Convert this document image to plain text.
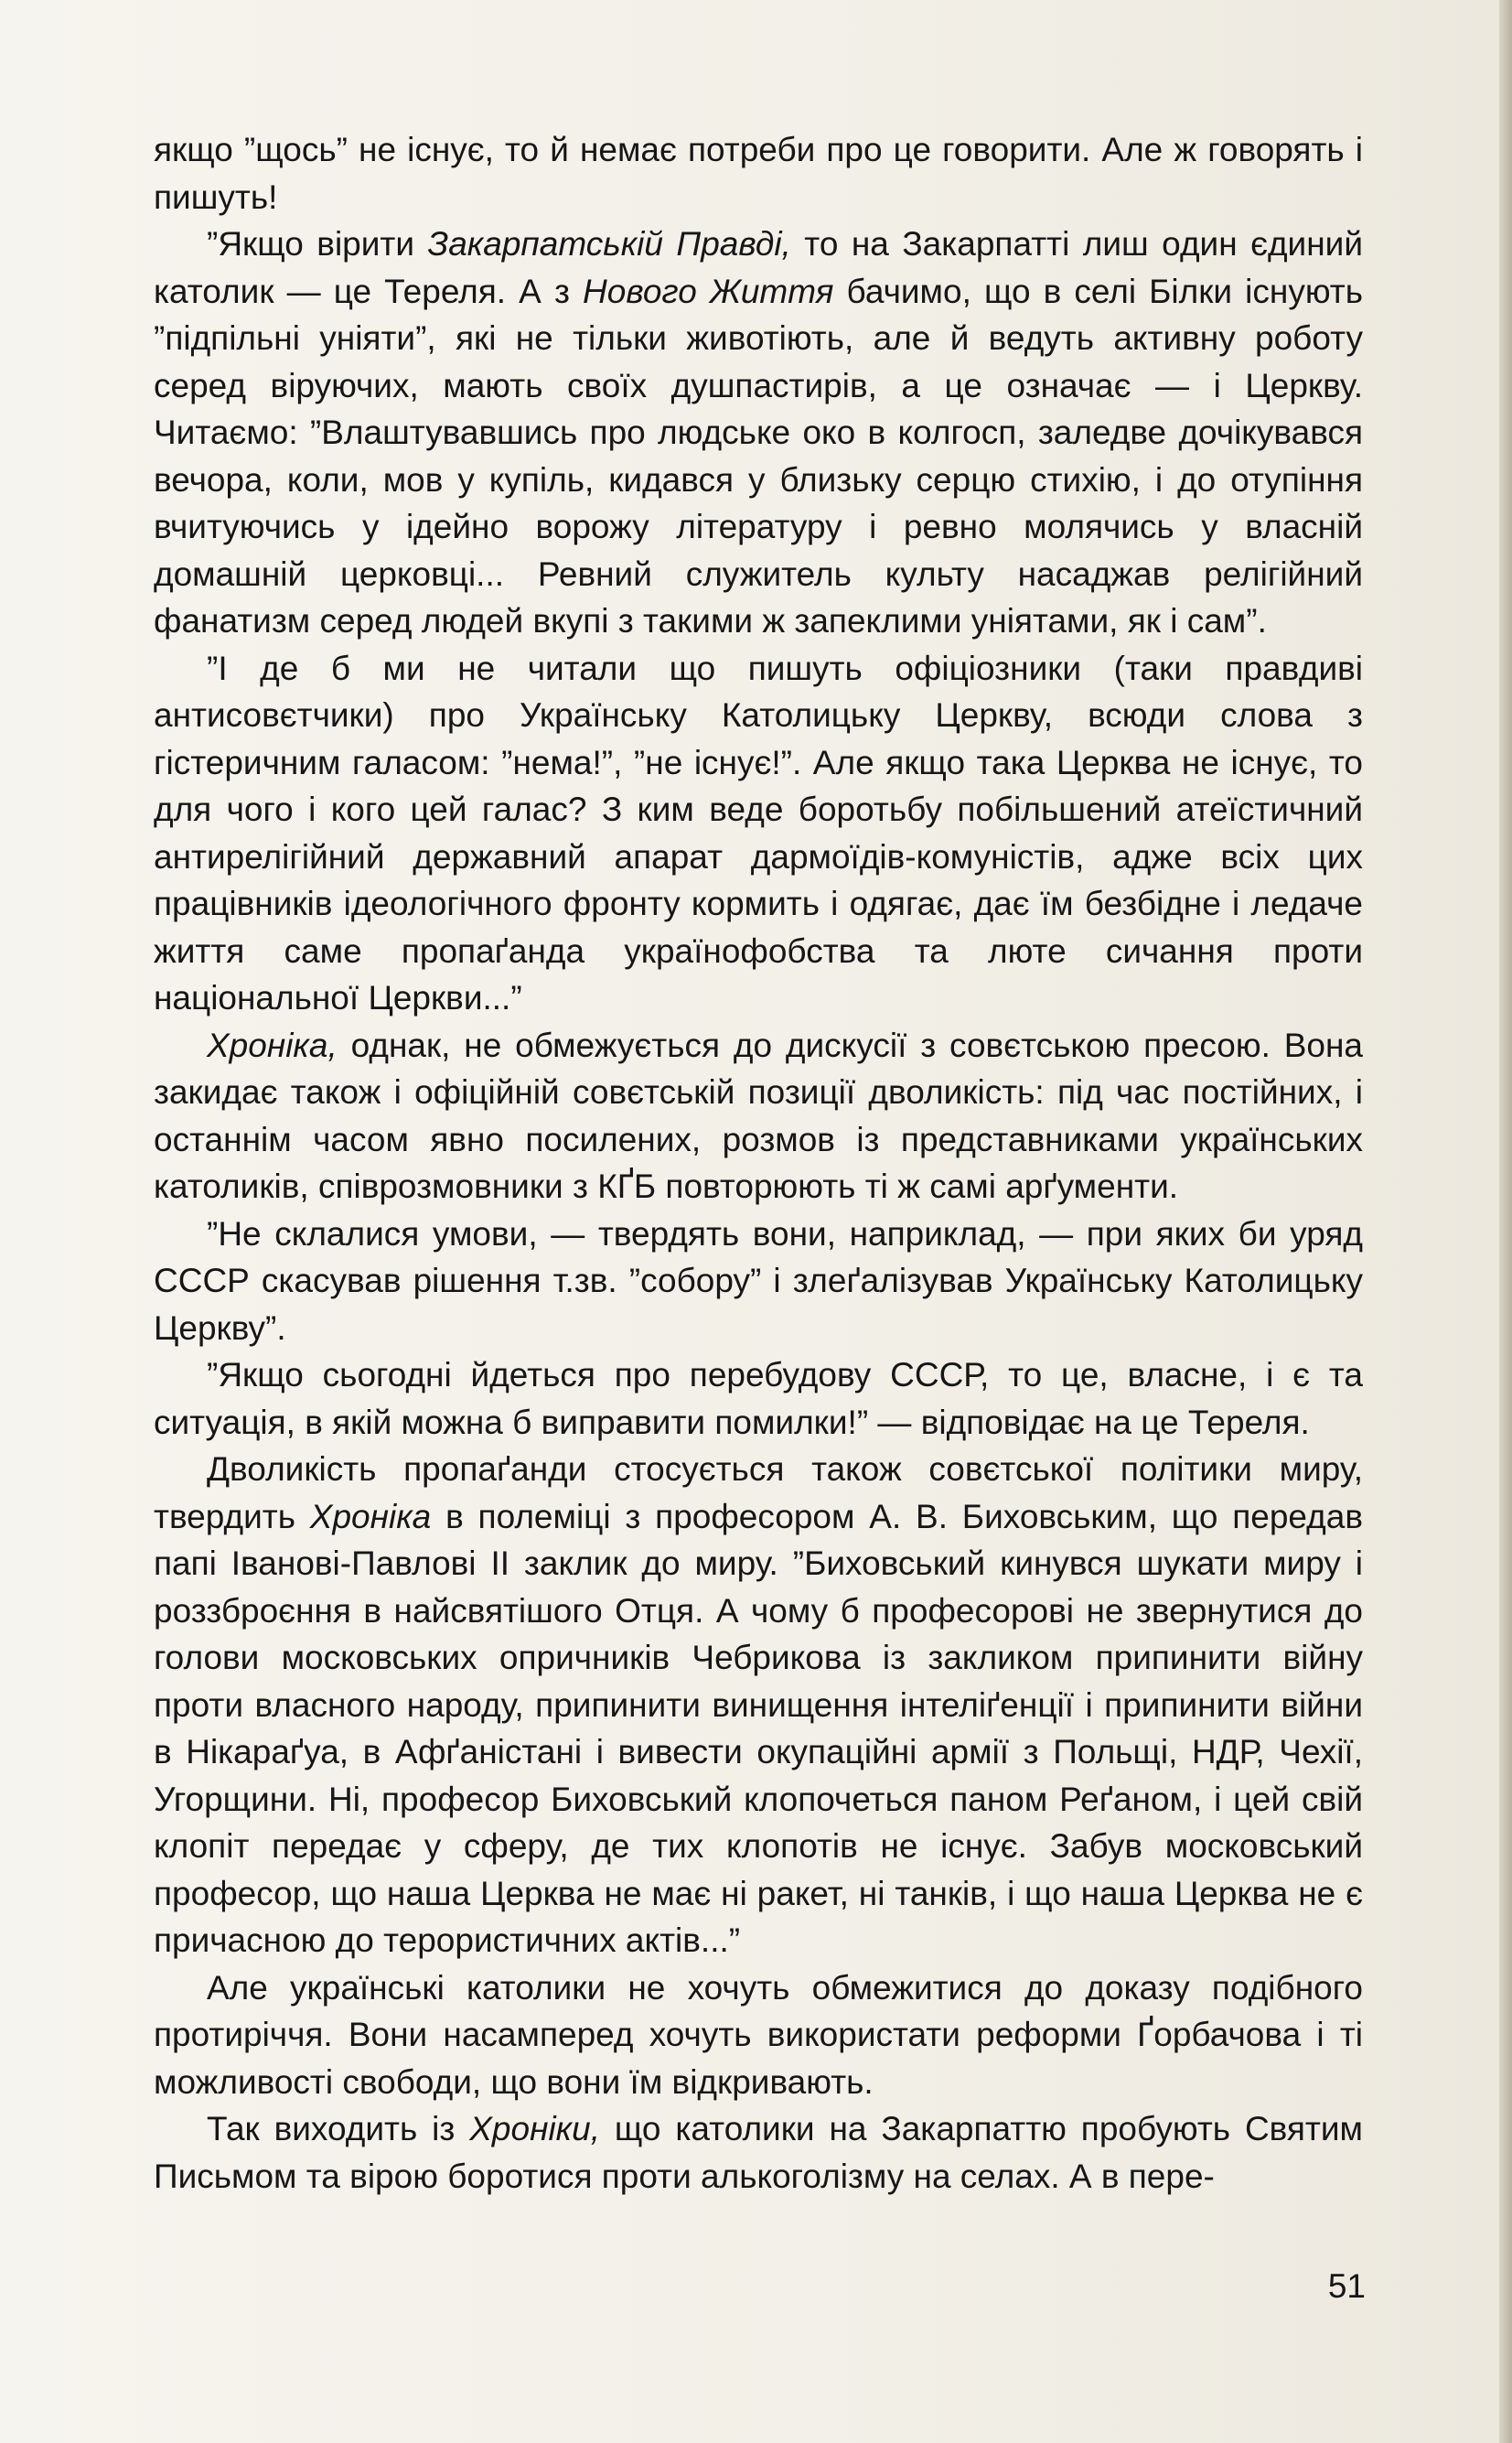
якщо ”щось” не існує, то й немає потреби про це говорити. Але ж говорять і пишуть!

”Якщо вірити Закарпатській Правді, то на Закарпатті лиш один єдиний католик — це Тереля. А з Нового Життя бачимо, що в селі Білки існують ”підпільні уніяти”, які не тільки животіють, але й ведуть активну роботу серед віруючих, мають своїх душпастирів, а це означає — і Церкву. Читаємо: ”Влаштувавшись про людське око в колгосп, заледве дочікувався вечора, коли, мов у купіль, кидався у близьку серцю стихію, і до отупіння вчитуючись у ідейно ворожу літературу і ревно молячись у власній домашній церковці... Ревний служитель культу насаджав релігійний фанатизм серед людей вкупі з такими ж запеклими уніятами, як і сам”.

”І де б ми не читали що пишуть офіціозники (таки правдиві антисовєтчики) про Українську Католицьку Церкву, всюди слова з гістеричним галасом: ”нема!”, ”не існує!”. Але якщо така Церква не існує, то для чого і кого цей галас? З ким веде боротьбу побільшений атеїстичний антирелігійний державний апарат дармоїдів-комуністів, адже всіх цих працівників ідеологічного фронту кормить і одягає, дає їм безбідне і ледаче життя саме пропаґанда українофобства та люте сичання проти національної Церкви...”

Хроніка, однак, не обмежується до дискусії з совєтською пресою. Вона закидає також і офіційній совєтській позиції дволикість: під час постійних, і останнім часом явно посилених, розмов із представниками українських католиків, співрозмовники з КҐБ повторюють ті ж самі арґументи.

”Не склалися умови, — твердять вони, наприклад, — при яких би уряд СССР скасував рішення т.зв. ”собору” і злеґалізував Українську Католицьку Церкву”.

”Якщо сьогодні йдеться про перебудову СССР, то це, власне, і є та ситуація, в якій можна б виправити помилки!” — відповідає на це Тереля.

Дволикість пропаґанди стосується також совєтської політики миру, твердить Хроніка в полеміці з професором А. В. Биховським, що передав папі Іванові-Павлові ІІ заклик до миру. ”Биховський кинувся шукати миру і роззброєння в найсвятішого Отця. А чому б професорові не звернутися до голови московських опричників Чебрикова із закликом припинити війну проти власного народу, припинити винищення інтеліґенції і припинити війни в Нікараґуа, в Афґаністані і вивести окупаційні армії з Польщі, НДР, Чехії, Угорщини. Ні, професор Биховський клопочеться паном Реґаном, і цей свій клопіт передає у сферу, де тих клопотів не існує. Забув московський професор, що наша Церква не має ні ракет, ні танків, і що наша Церква не є причасною до терористичних актів...”

Але українські католики не хочуть обмежитися до доказу подібного протиріччя. Вони насамперед хочуть використати реформи Ґорбачова і ті можливості свободи, що вони їм відкривають.

Так виходить із Хроніки, що католики на Закарпаттю пробують Святим Письмом та вірою боротися проти алькоголізму на селах. А в пере-

51
